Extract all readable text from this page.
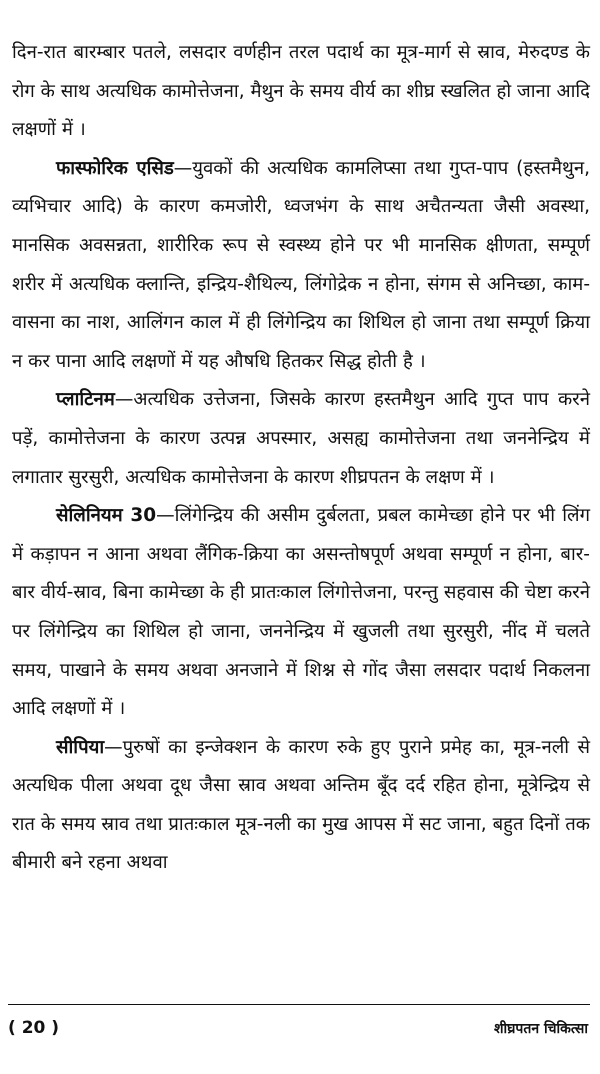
दिन-रात बारम्बार पतले, लसदार वर्णहीन तरल पदार्थ का मूत्र-मार्ग से स्राव, मेरुदण्ड के रोग के साथ अत्यधिक कामोत्तेजना, मैथुन के समय वीर्य का शीघ्र स्खलित हो जाना आदि लक्षणों में ।

फास्फोरिक एसिड—युवकों की अत्यधिक कामलिप्सा तथा गुप्त-पाप (हस्तमैथुन, व्यभिचार आदि) के कारण कमजोरी, ध्वजभंग के साथ अचैतन्यता जैसी अवस्था, मानसिक अवसन्नता, शारीरिक रूप से स्वस्थ्य होने पर भी मानसिक क्षीणता, सम्पूर्ण शरीर में अत्यधिक क्लान्ति, इन्द्रिय-शैथिल्य, लिंगोद्रेक न होना, संगम से अनिच्छा, काम-वासना का नाश, आलिंगन काल में ही लिंगेन्द्रिय का शिथिल हो जाना तथा सम्पूर्ण क्रिया न कर पाना आदि लक्षणों में यह औषधि हितकर सिद्ध होती है ।

प्लाटिनम—अत्यधिक उत्तेजना, जिसके कारण हस्तमैथुन आदि गुप्त पाप करने पड़ें, कामोत्तेजना के कारण उत्पन्न अपस्मार, असह्य कामोत्तेजना तथा जननेन्द्रिय में लगातार सुरसुरी, अत्यधिक कामोत्तेजना के कारण शीघ्रपतन के लक्षण में ।

सेलिनियम 30—लिंगेन्द्रिय की असीम दुर्बलता, प्रबल कामेच्छा होने पर भी लिंग में कड़ापन न आना अथवा लैंगिक-क्रिया का असन्तोषपूर्ण अथवा सम्पूर्ण न होना, बार-बार वीर्य-स्राव, बिना कामेच्छा के ही प्रातःकाल लिंगोत्तेजना, परन्तु सहवास की चेष्टा करने पर लिंगेन्द्रिय का शिथिल हो जाना, जननेन्द्रिय में खुजली तथा सुरसुरी, नींद में चलते समय, पाखाने के समय अथवा अनजाने में शिश्न से गोंद जैसा लसदार पदार्थ निकलना आदि लक्षणों में ।

सीपिया—पुरुषों का इन्जेक्शन के कारण रुके हुए पुराने प्रमेह का, मूत्र-नली से अत्यधिक पीला अथवा दूध जैसा स्राव अथवा अन्तिम बूँद दर्द रहित होना, मूत्रेन्द्रिय से रात के समय स्राव तथा प्रातःकाल मूत्र-नली का मुख आपस में सट जाना, बहुत दिनों तक बीमारी बने रहना अथवा

( 20 )	शीघ्रपतन चिकित्सा
